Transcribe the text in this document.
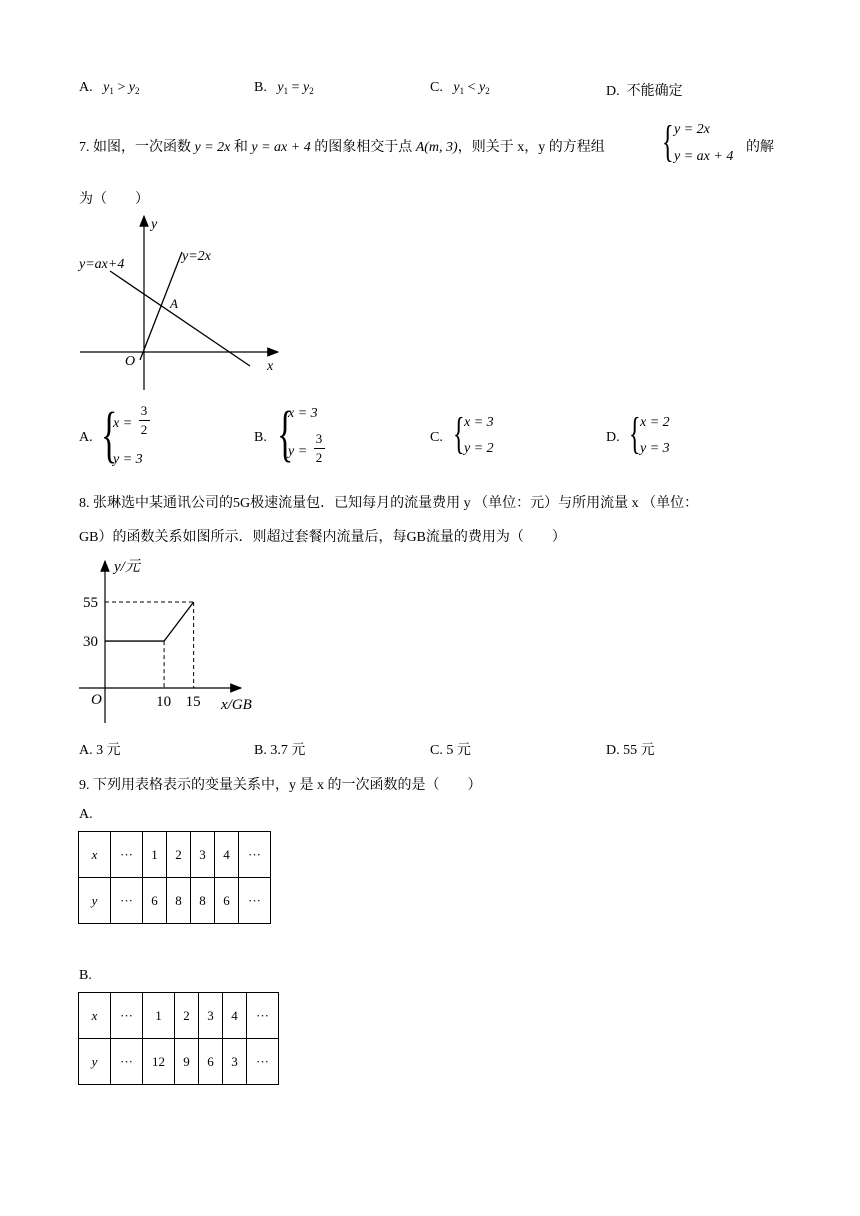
A. $y_1 > y_2$	B. $y_1 = y_2$	C. $y_1 < y_2$	D. 不能确定
7. 如图，一次函数 y = 2x 和 y = ax + 4 的图象相交于点 A(m, 3)，则关于 x，y 的方程组 { y = 2x
y = ax + 4
的解
为（　　）
y
x
O
A
y=2x
y=ax+4
A. {
x =
3
2
y = 3
B. {
x = 3
y =
3
2
C. { x = 3
y = 2
D. { x = 2
y = 3
8. 张琳选中某通讯公司的5G极速流量包．已知每月的流量费用 y （单位：元）与所用流量 x （单位：
GB）的函数关系如图所示．则超过套餐内流量后，每GB流量的费用为（　　）
10 15
30
55
y/元
x/GB
O
A. 3 元	B. 3.7 元	C. 5 元	D. 55 元
9. 下列用表格表示的变量关系中，y 是 x 的一次函数的是（　　）
A.
x	···	1	2	3	4	···
y	···	6	8	8	6	···
B.
x	···	1	2	3	4	···
y	···	12	9	6	3	···
